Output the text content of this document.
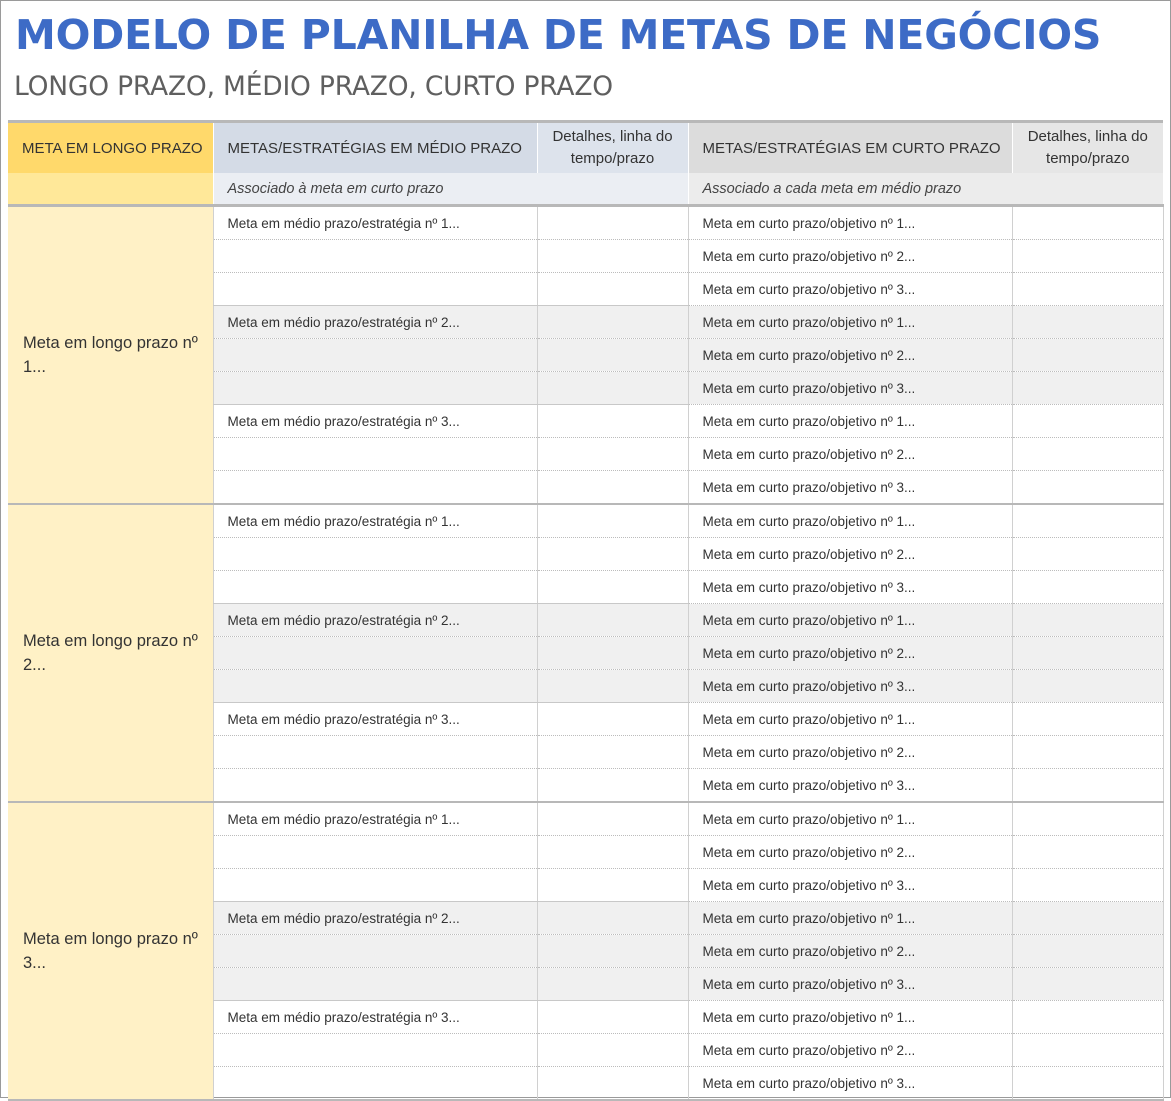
MODELO DE PLANILHA DE METAS DE NEGÓCIOS
LONGO PRAZO, MÉDIO PRAZO, CURTO PRAZO
META EM LONGO PRAZO	METAS/ESTRATÉGIAS EM MÉDIO PRAZO	Detalhes, linha do tempo/prazo	METAS/ESTRATÉGIAS EM CURTO PRAZO	Detalhes, linha do tempo/prazo
	Associado à meta em curto prazo		Associado a cada meta em médio prazo	
Meta em longo prazo nº 1...	Meta em médio prazo/estratégia nº 1...		Meta em curto prazo/objetivo nº 1...	
			Meta em curto prazo/objetivo nº 2...	
			Meta em curto prazo/objetivo nº 3...	
	Meta em médio prazo/estratégia nº 2...		Meta em curto prazo/objetivo nº 1...	
			Meta em curto prazo/objetivo nº 2...	
			Meta em curto prazo/objetivo nº 3...	
	Meta em médio prazo/estratégia nº 3...		Meta em curto prazo/objetivo nº 1...	
			Meta em curto prazo/objetivo nº 2...	
			Meta em curto prazo/objetivo nº 3...	
Meta em longo prazo nº 2...	Meta em médio prazo/estratégia nº 1...		Meta em curto prazo/objetivo nº 1...	
			Meta em curto prazo/objetivo nº 2...	
			Meta em curto prazo/objetivo nº 3...	
	Meta em médio prazo/estratégia nº 2...		Meta em curto prazo/objetivo nº 1...	
			Meta em curto prazo/objetivo nº 2...	
			Meta em curto prazo/objetivo nº 3...	
	Meta em médio prazo/estratégia nº 3...		Meta em curto prazo/objetivo nº 1...	
			Meta em curto prazo/objetivo nº 2...	
			Meta em curto prazo/objetivo nº 3...	
Meta em longo prazo nº 3...	Meta em médio prazo/estratégia nº 1...		Meta em curto prazo/objetivo nº 1...	
			Meta em curto prazo/objetivo nº 2...	
			Meta em curto prazo/objetivo nº 3...	
	Meta em médio prazo/estratégia nº 2...		Meta em curto prazo/objetivo nº 1...	
			Meta em curto prazo/objetivo nº 2...	
			Meta em curto prazo/objetivo nº 3...	
	Meta em médio prazo/estratégia nº 3...		Meta em curto prazo/objetivo nº 1...	
			Meta em curto prazo/objetivo nº 2...	
			Meta em curto prazo/objetivo nº 3...	
